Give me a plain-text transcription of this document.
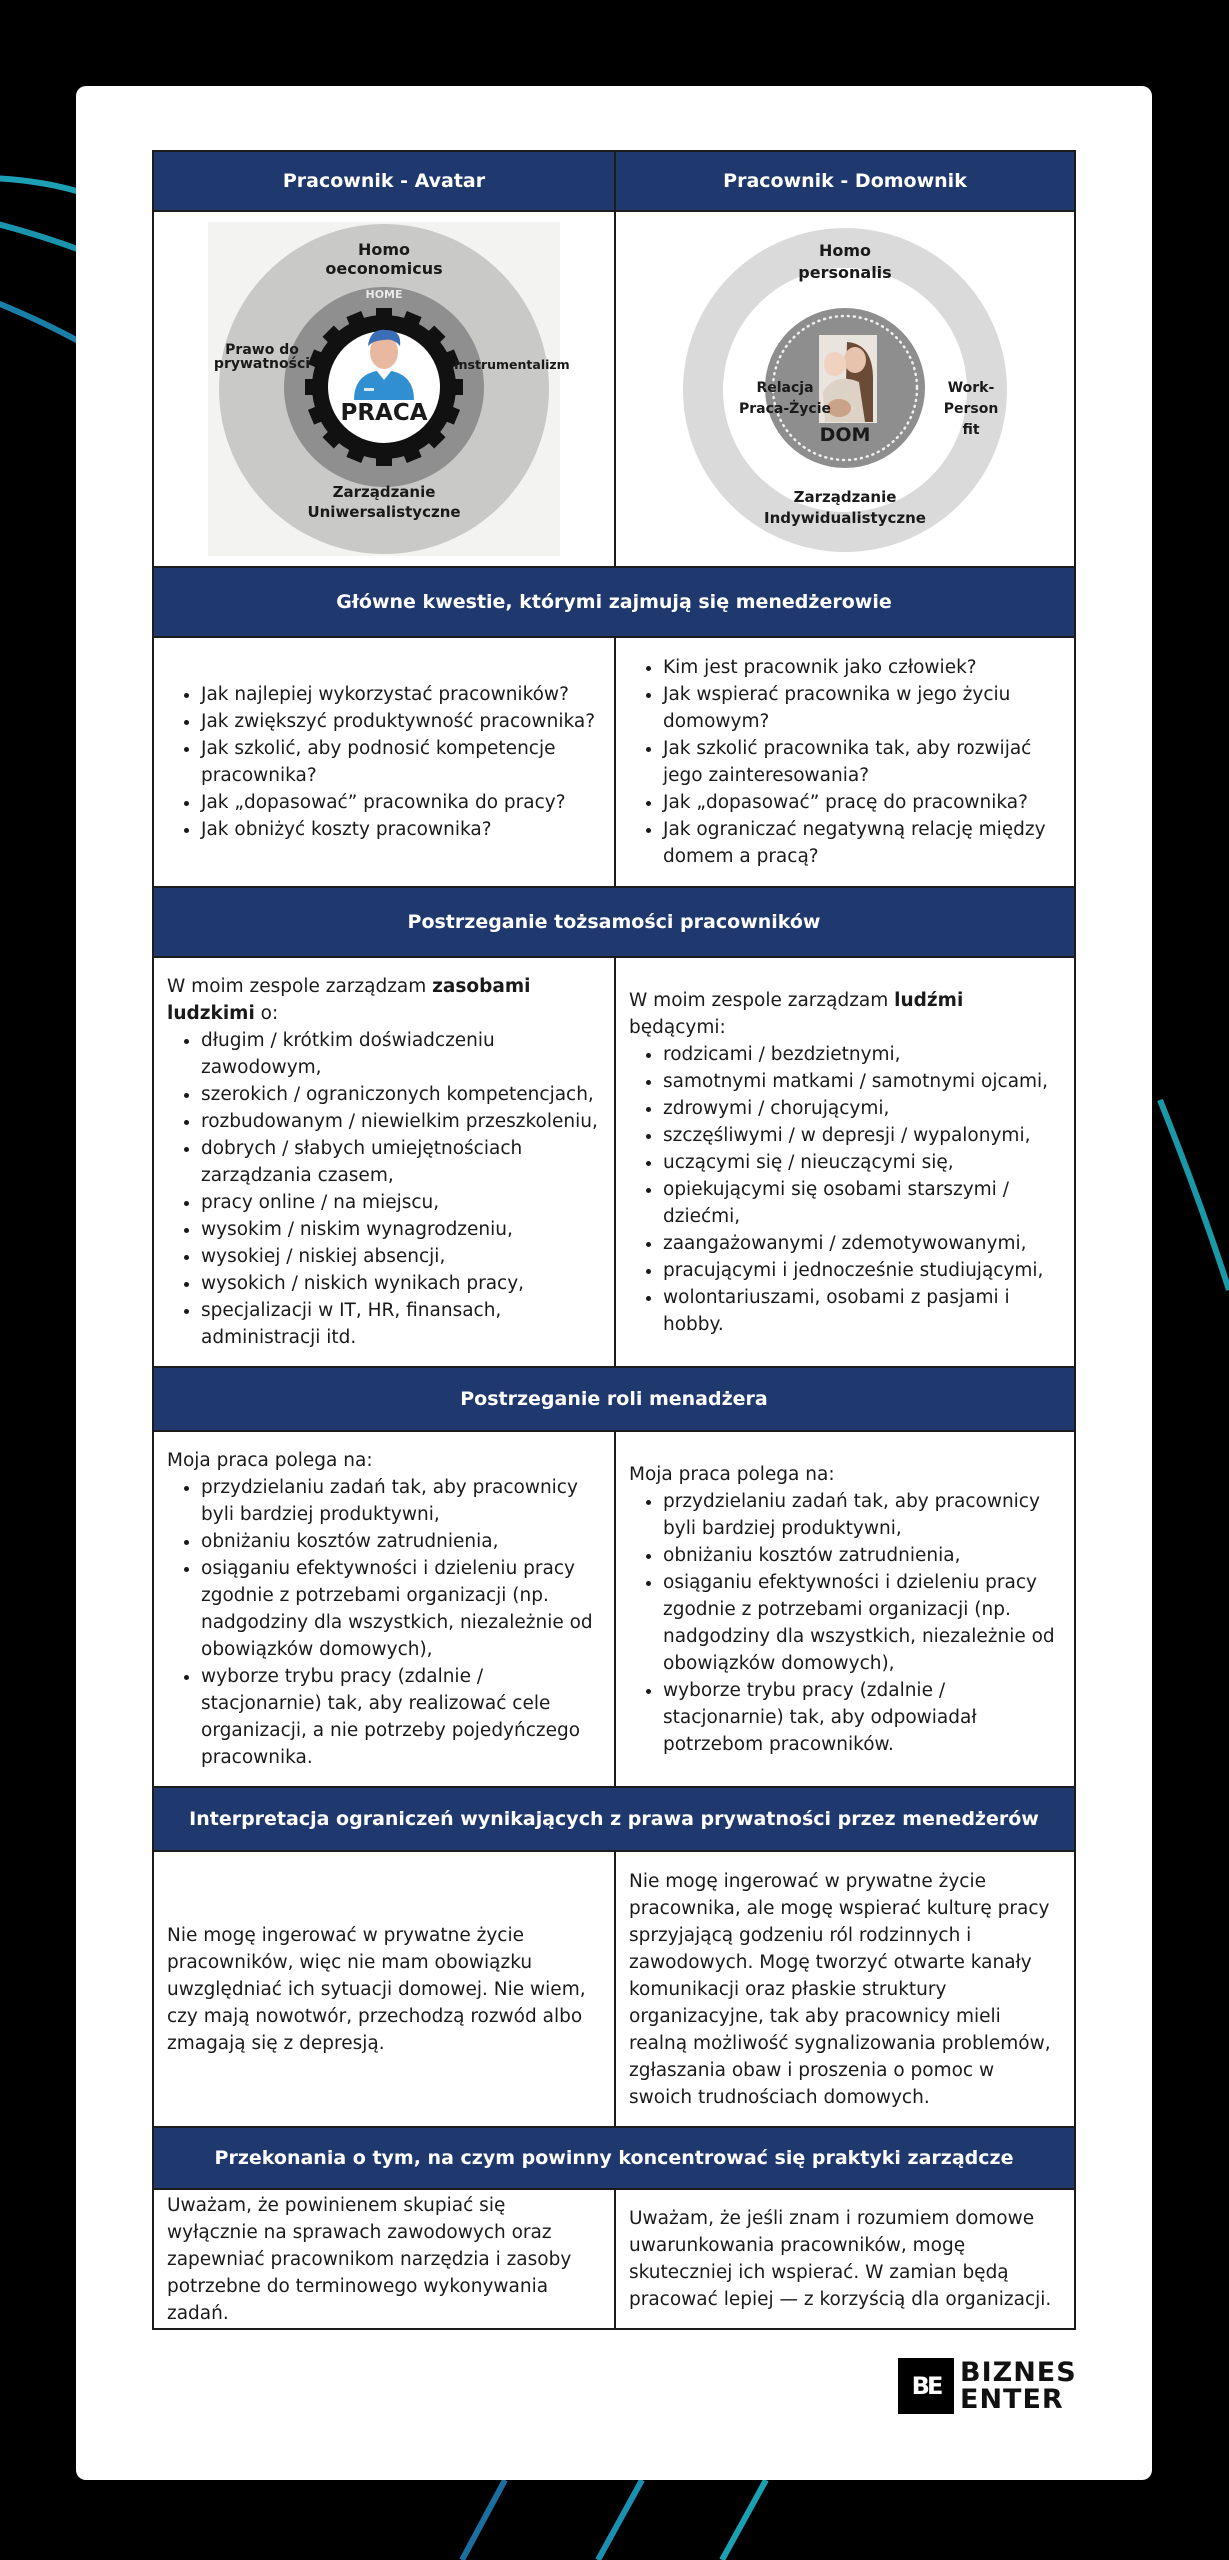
Pracownik - Avatar	Pracownik - Domownik
Homo
oeconomicus
HOME
Prawo do
prywatności	Instrumentalizm
PRACA
Zarządzanie
Uniwersalistyczne
Homo
personalis
Relacja
Praca-Życie
Work-Person
fit
DOM
Zarządzanie
Indywidualistyczne
Główne kwestie, którymi zajmują się menedżerowie
• Jak najlepiej wykorzystać pracowników?
• Jak zwiększyć produktywność pracownika?
• Jak szkolić, aby podnosić kompetencje pracownika?
• Jak „dopasować” pracownika do pracy?
• Jak obniżyć koszty pracownika?
• Kim jest pracownik jako człowiek?
• Jak wspierać pracownika w jego życiu domowym?
• Jak szkolić pracownika tak, aby rozwijać jego zainteresowania?
• Jak „dopasować” pracę do pracownika?
• Jak ograniczać negatywną relację między domem a pracą?
Postrzeganie tożsamości pracowników

W moim zespole zarządzam zasobami ludzkimi o:

• długim / krótkim doświadczeniu zawodowym,
• szerokich / ograniczonych kompetencjach,
• rozbudowanym / niewielkim przeszkoleniu,
• dobrych / słabych umiejętnościach zarządzania czasem,
• pracy online / na miejscu,
• wysokim / niskim wynagrodzeniu,
• wysokiej / niskiej absencji,
• wysokich / niskich wynikach pracy,
• specjalizacji w IT, HR, finansach, administracji itd.

W moim zespole zarządzam ludźmi będącymi:

• rodzicami / bezdzietnymi,
• samotnymi matkami / samotnymi ojcami,
• zdrowymi / chorującymi,
• szczęśliwymi / w depresji / wypalonymi,
• uczącymi się / nieuczącymi się,
• opiekującymi się osobami starszymi / dziećmi,
• zaangażowanymi / zdemotywowanymi,
• pracującymi i jednocześnie studiującymi,
• wolontariuszami, osobami z pasjami i hobby.
Postrzeganie roli menadżera

Moja praca polega na:

• przydzielaniu zadań tak, aby pracownicy byli bardziej produktywni,
• obniżaniu kosztów zatrudnienia,
• osiąganiu efektywności i dzieleniu pracy zgodnie z potrzebami organizacji (np. nadgodziny dla wszystkich, niezależnie od obowiązków domowych),
• wyborze trybu pracy (zdalnie / stacjonarnie) tak, aby realizować cele organizacji, a nie potrzeby pojedyńczego pracownika.

Moja praca polega na:

• przydzielaniu zadań tak, aby pracownicy byli bardziej produktywni,
• obniżaniu kosztów zatrudnienia,
• osiąganiu efektywności i dzieleniu pracy zgodnie z potrzebami organizacji (np. nadgodziny dla wszystkich, niezależnie od obowiązków domowych),
• wyborze trybu pracy (zdalnie / stacjonarnie) tak, aby odpowiadał potrzebom pracowników.
Interpretacja ograniczeń wynikających z prawa prywatności przez menedżerów

Nie mogę ingerować w prywatne życie pracowników, więc nie mam obowiązku uwzględniać ich sytuacji domowej. Nie wiem, czy mają nowotwór, przechodzą rozwód albo zmagają się z depresją.

Nie mogę ingerować w prywatne życie pracownika, ale mogę wspierać kulturę pracy sprzyjającą godzeniu ról rodzinnych i zawodowych. Mogę tworzyć otwarte kanały komunikacji oraz płaskie struktury organizacyjne, tak aby pracownicy mieli realną możliwość sygnalizowania problemów, zgłaszania obaw i proszenia o pomoc w swoich trudnościach domowych.

Przekonania o tym, na czym powinny koncentrować się praktyki zarządcze

Uważam, że powinienem skupiać się wyłącznie na sprawach zawodowych oraz zapewniać pracownikom narzędzia i zasoby potrzebne do terminowego wykonywania zadań.

Uważam, że jeśli znam i rozumiem domowe uwarunkowania pracowników, mogę skuteczniej ich wspierać. W zamian będą pracować lepiej — z korzyścią dla organizacji.

BE BIZNES
ENTER
